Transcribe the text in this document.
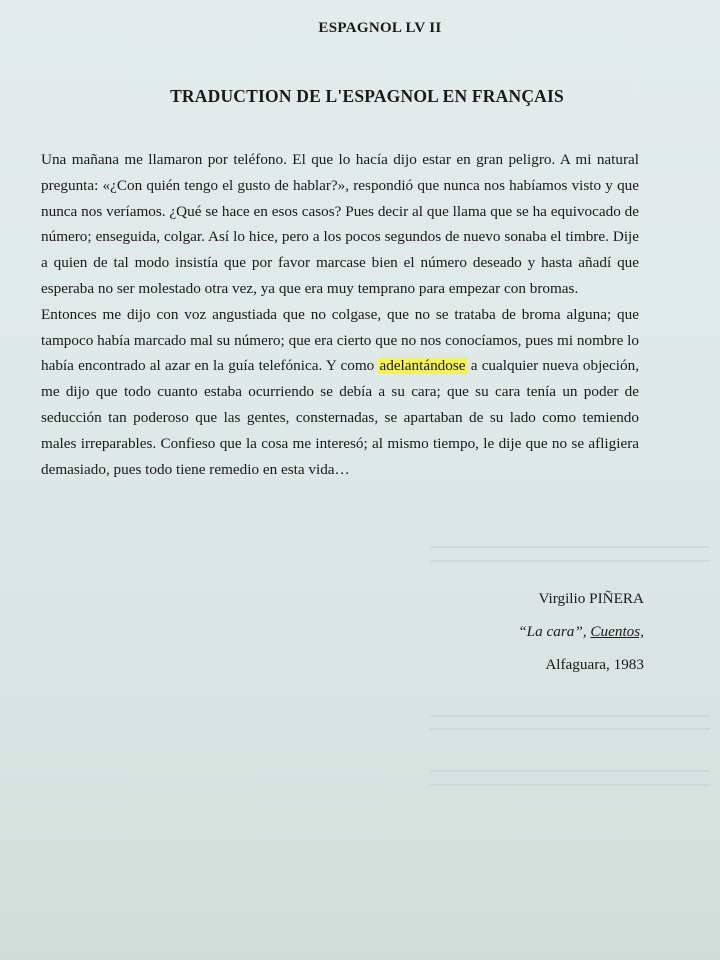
ESPAGNOL LV II
TRADUCTION DE L'ESPAGNOL EN FRANÇAIS

Una mañana me llamaron por teléfono. El que lo hacía dijo estar en gran peligro. A mi natural pregunta: «¿Con quién tengo el gusto de hablar?», respondió que nunca nos habíamos visto y que nunca nos veríamos. ¿Qué se hace en esos casos? Pues decir al que llama que se ha equivocado de número; enseguida, colgar. Así lo hice, pero a los pocos segundos de nuevo sonaba el timbre. Dije a quien de tal modo insistía que por favor marcase bien el número deseado y hasta añadí que esperaba no ser molestado otra vez, ya que era muy temprano para empezar con bromas.

Entonces me dijo con voz angustiada que no colgase, que no se trataba de broma alguna; que tampoco había marcado mal su número; que era cierto que no nos conocíamos, pues mi nombre lo había encontrado al azar en la guía telefónica. Y como adelantándose a cualquier nueva objeción, me dijo que todo cuanto estaba ocurriendo se debía a su cara; que su cara tenía un poder de seducción tan poderoso que las gentes, consternadas, se apartaban de su lado como temiendo males irreparables. Confieso que la cosa me interesó; al mismo tiempo, le dije que no se afligiera demasiado, pues todo tiene remedio en esta vida…

Virgilio PIÑERA
“La cara”, Cuentos,
Alfaguara, 1983
